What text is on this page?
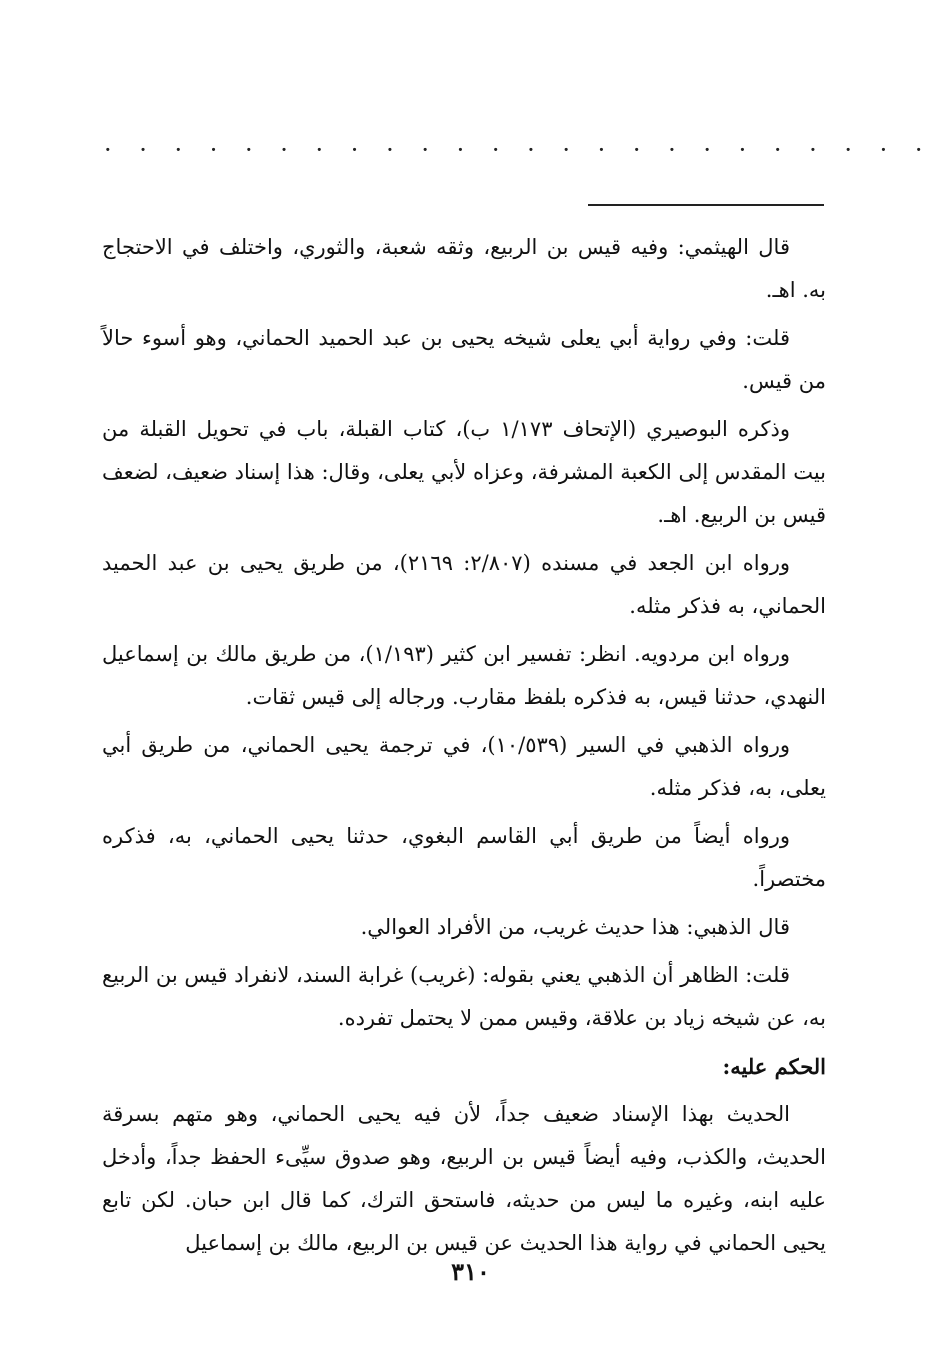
· · · · · · · · · · · · · · · · · · · · · · · ·

قال الهيثمي: وفيه قيس بن الربيع، وثقه شعبة، والثوري، واختلف في الاحتجاج به. اهـ.

قلت: وفي رواية أبي يعلى شيخه يحيى بن عبد الحميد الحماني، وهو أسوء حالاً من قيس.

وذكره البوصيري (الإتحاف ١/١٧٣ ب)، كتاب القبلة، باب في تحويل القبلة من بيت المقدس إلى الكعبة المشرفة، وعزاه لأبي يعلى، وقال: هذا إسناد ضعيف، لضعف قيس بن الربيع. اهـ.

ورواه ابن الجعد في مسنده (٢/٨٠٧: ٢١٦٩)، من طريق يحيى بن عبد الحميد الحماني، به فذكر مثله.

ورواه ابن مردويه. انظر: تفسير ابن كثير (١/١٩٣)، من طريق مالك بن إسماعيل النهدي، حدثنا قيس، به فذكره بلفظ مقارب. ورجاله إلى قيس ثقات.

ورواه الذهبي في السير (١٠/٥٣٩)، في ترجمة يحيى الحماني، من طريق أبي يعلى، به، فذكر مثله.

ورواه أيضاً من طريق أبي القاسم البغوي، حدثنا يحيى الحماني، به، فذكره مختصراً.

قال الذهبي: هذا حديث غريب، من الأفراد العوالي.

قلت: الظاهر أن الذهبي يعني بقوله: (غريب) غرابة السند، لانفراد قيس بن الربيع به، عن شيخه زياد بن علاقة، وقيس ممن لا يحتمل تفرده.

الحكم عليه:

الحديث بهذا الإسناد ضعيف جداً، لأن فيه يحيى الحماني، وهو متهم بسرقة الحديث، والكذب، وفيه أيضاً قيس بن الربيع، وهو صدوق سيِّىء الحفظ جداً، وأدخل عليه ابنه، وغيره ما ليس من حديثه، فاستحق الترك، كما قال ابن حبان. لكن تابع يحيى الحماني في رواية هذا الحديث عن قيس بن الربيع، مالك بن إسماعيل

٣١٠
